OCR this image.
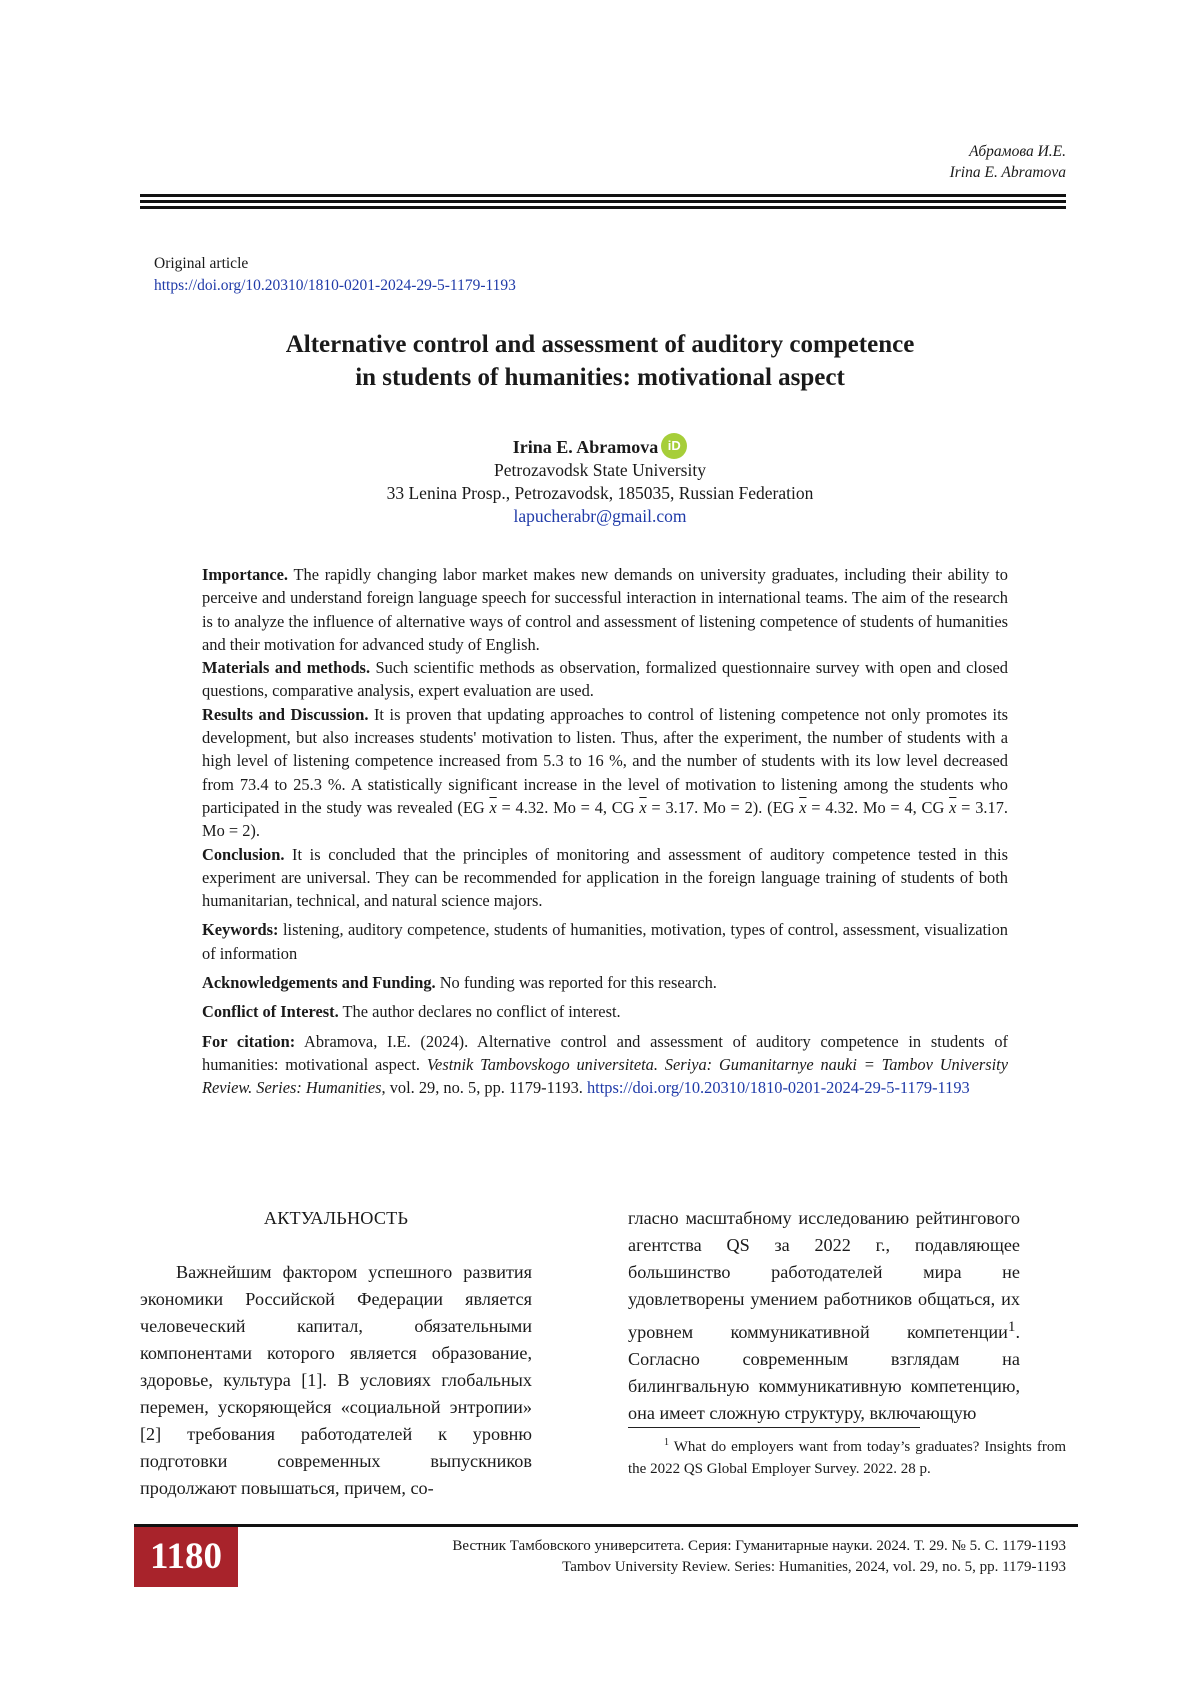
Абрамова И.Е.
Irina E. Abramova
Original article
https://doi.org/10.20310/1810-0201-2024-29-5-1179-1193
Alternative control and assessment of auditory competence
in students of humanities: motivational aspect
Irina E. Abramova iD
Petrozavodsk State University
33 Lenina Prosp., Petrozavodsk, 185035, Russian Federation
lapucherabr@gmail.com

Importance. The rapidly changing labor market makes new demands on university graduates, including their ability to perceive and understand foreign language speech for successful interaction in international teams. The aim of the research is to analyze the influence of alternative ways of control and assessment of listening competence of students of humanities and their motivation for advanced study of English.

Materials and methods. Such scientific methods as observation, formalized questionnaire survey with open and closed questions, comparative analysis, expert evaluation are used.

Results and Discussion. It is proven that updating approaches to control of listening competence not only promotes its development, but also increases students' motivation to listen. Thus, after the experiment, the number of students with a high level of listening competence increased from 5.3 to 16 %, and the number of students with its low level decreased from 73.4 to 25.3 %. A statistically significant increase in the level of motivation to listening among the students who participated in the study was revealed (EG $\overline{x} = 4.32$. Mo = 4, CG $\overline{x} = 3.17$. Mo = 2). (EG $\overline{x} = 4.32$. Mo = 4, CG $\overline{x} = 3.17$. Mo = 2).

Conclusion. It is concluded that the principles of monitoring and assessment of auditory competence tested in this experiment are universal. They can be recommended for application in the foreign language training of students of both humanitarian, technical, and natural science majors.

Keywords: listening, auditory competence, students of humanities, motivation, types of control, assessment, visualization of information

Acknowledgements and Funding. No funding was reported for this research.

Conflict of Interest. The author declares no conflict of interest.

For citation: Abramova, I.E. (2024). Alternative control and assessment of auditory competence in students of humanities: motivational aspect. Vestnik Tambovskogo universiteta. Seriya: Gumanitarnye nauki = Tambov University Review. Series: Humanities, vol. 29, no. 5, pp. 1179-1193. https://doi.org/10.20310/1810-0201-2024-29-5-1179-1193

АКТУАЛЬНОСТЬ

Важнейшим фактором успешного развития экономики Российской Федерации является человеческий капитал, обязательными компонентами которого является образование, здоровье, культура [1]. В условиях глобальных перемен, ускоряющейся «социальной энтропии» [2] требования работодателей к уровню подготовки современных выпускников продолжают повышаться, причем, со-

гласно масштабному исследованию рейтингового агентства QS за 2022 г., подавляющее большинство работодателей мира не удовлетворены умением работников общаться, их уровнем коммуникативной компетенции$^1$. Согласно современным взглядам на билингвальную коммуникативную компетенцию, она имеет сложную структуру, включающую

$^1$ What do employers want from today’s graduates? Insights from the 2022 QS Global Employer Survey. 2022. 28 p.
1180	Вестник Тамбовского университета. Серия: Гуманитарные науки. 2024. Т. 29. № 5. С. 1179-1193
Tambov University Review. Series: Humanities, 2024, vol. 29, no. 5, pp. 1179-1193
